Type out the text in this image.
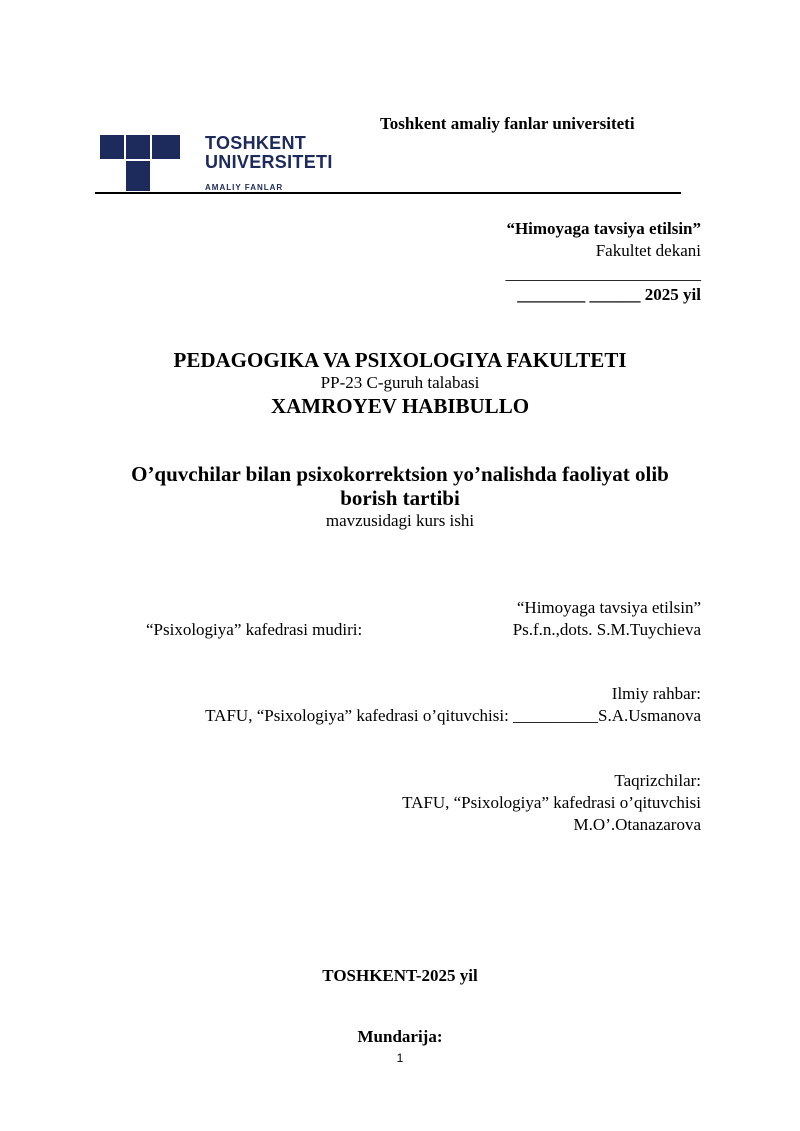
Toshkent amaliy fanlar universiteti
TOSHKENT
UNIVERSITETI
AMALIY FANLAR
“Himoyaga tavsiya etilsin”
Fakultet dekani
_______________________
________ ______ 2025 yil
PEDAGOGIKA VA PSIXOLOGIYA FAKULTETI
PP-23 C-guruh talabasi
XAMROYEV HABIBULLO
O’quvchilar bilan psixokorrektsion yo’nalishda faoliyat olib
borish tartibi
mavzusidagi kurs ishi
“Himoyaga tavsiya etilsin”
“Psixologiya” kafedrasi mudiri:	Ps.f.n.,dots. S.M.Tuychieva
Ilmiy rahbar:
TAFU, “Psixologiya” kafedrasi o’qituvchisi: __________S.A.Usmanova
Taqrizchilar:
TAFU, “Psixologiya” kafedrasi o’qituvchisi
M.O’.Otanazarova
TOSHKENT-2025 yil
Mundarija:
1
